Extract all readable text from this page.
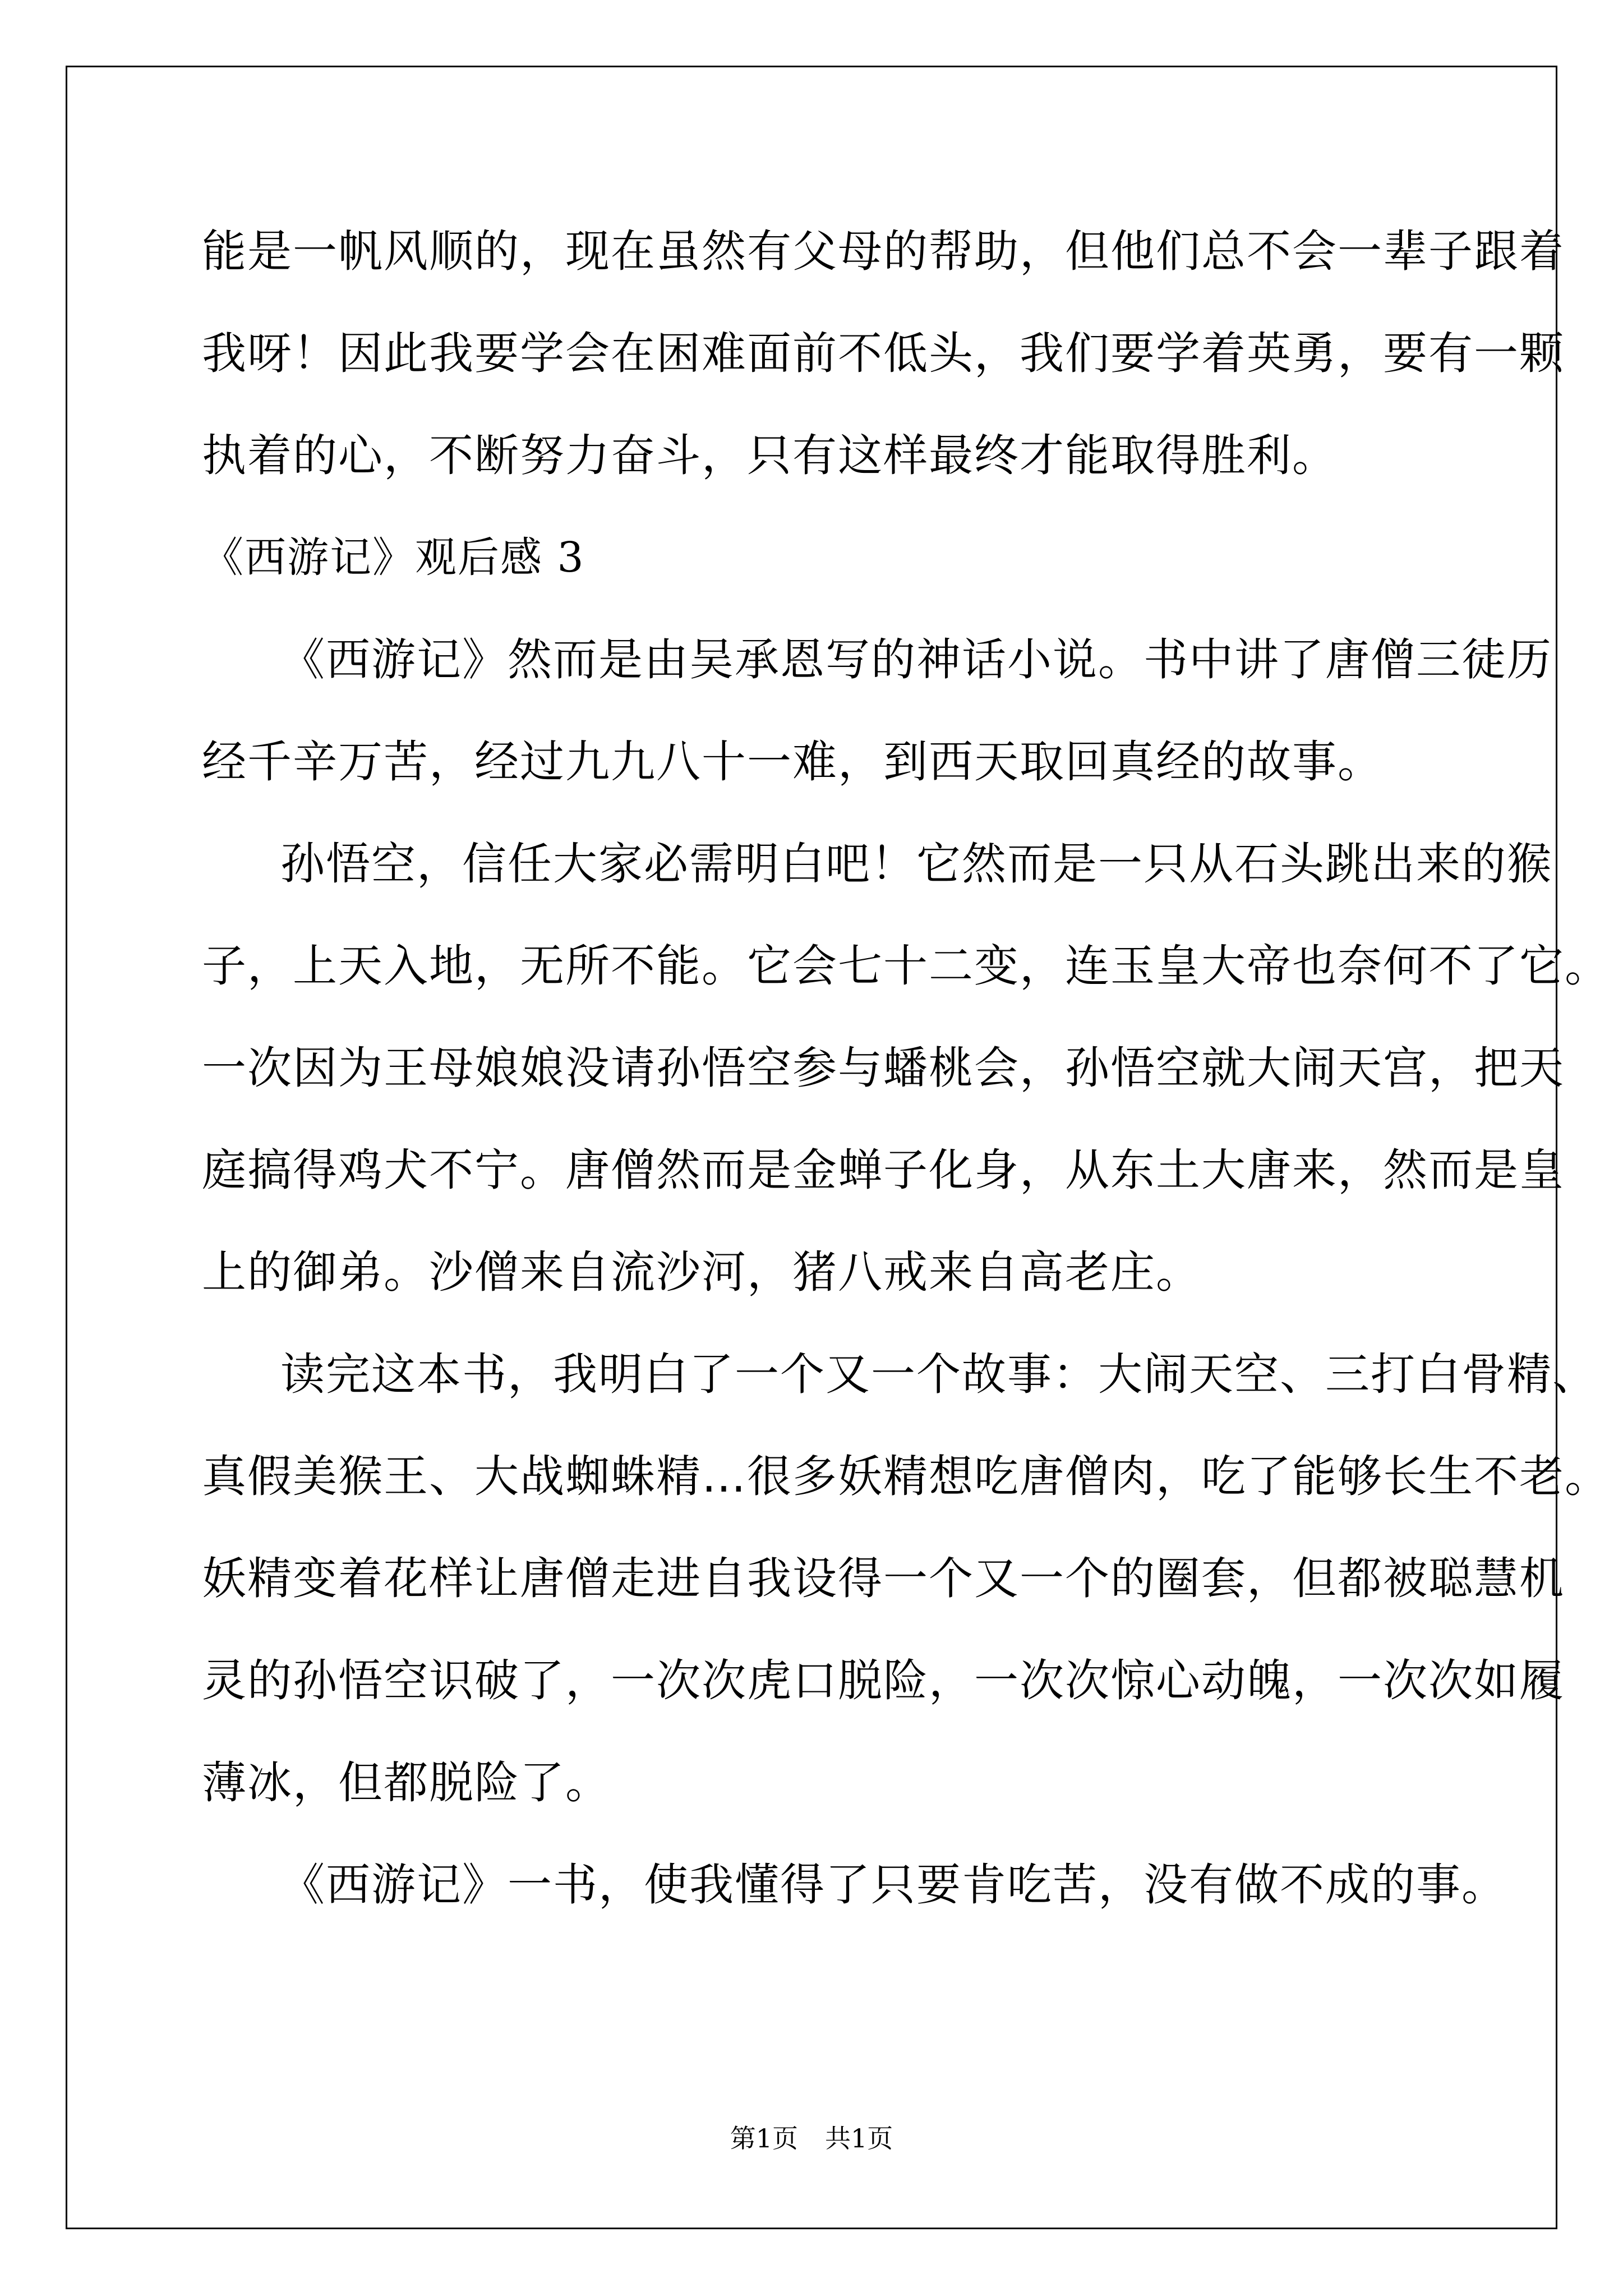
能是一帆风顺的，现在虽然有父母的帮助，但他们总不会一辈子跟着
我呀！因此我要学会在困难面前不低头，我们要学着英勇，要有一颗
执着的心，不断努力奋斗，只有这样最终才能取得胜利。
《西游记》观后感 3
《西游记》然而是由吴承恩写的神话小说。书中讲了唐僧三徒历
经千辛万苦，经过九九八十一难，到西天取回真经的故事。
孙悟空，信任大家必需明白吧！它然而是一只从石头跳出来的猴
子，上天入地，无所不能。它会七十二变，连玉皇大帝也奈何不了它。
一次因为王母娘娘没请孙悟空参与蟠桃会，孙悟空就大闹天宫，把天
庭搞得鸡犬不宁。唐僧然而是金蝉子化身，从东土大唐来，然而是皇
上的御弟。沙僧来自流沙河，猪八戒来自高老庄。
读完这本书，我明白了一个又一个故事：大闹天空、三打白骨精、
真假美猴王、大战蜘蛛精…很多妖精想吃唐僧肉，吃了能够长生不老。
妖精变着花样让唐僧走进自我设得一个又一个的圈套，但都被聪慧机
灵的孙悟空识破了，一次次虎口脱险，一次次惊心动魄，一次次如履
薄冰，但都脱险了。
《西游记》一书，使我懂得了只要肯吃苦，没有做不成的事。
第1页 共1页
